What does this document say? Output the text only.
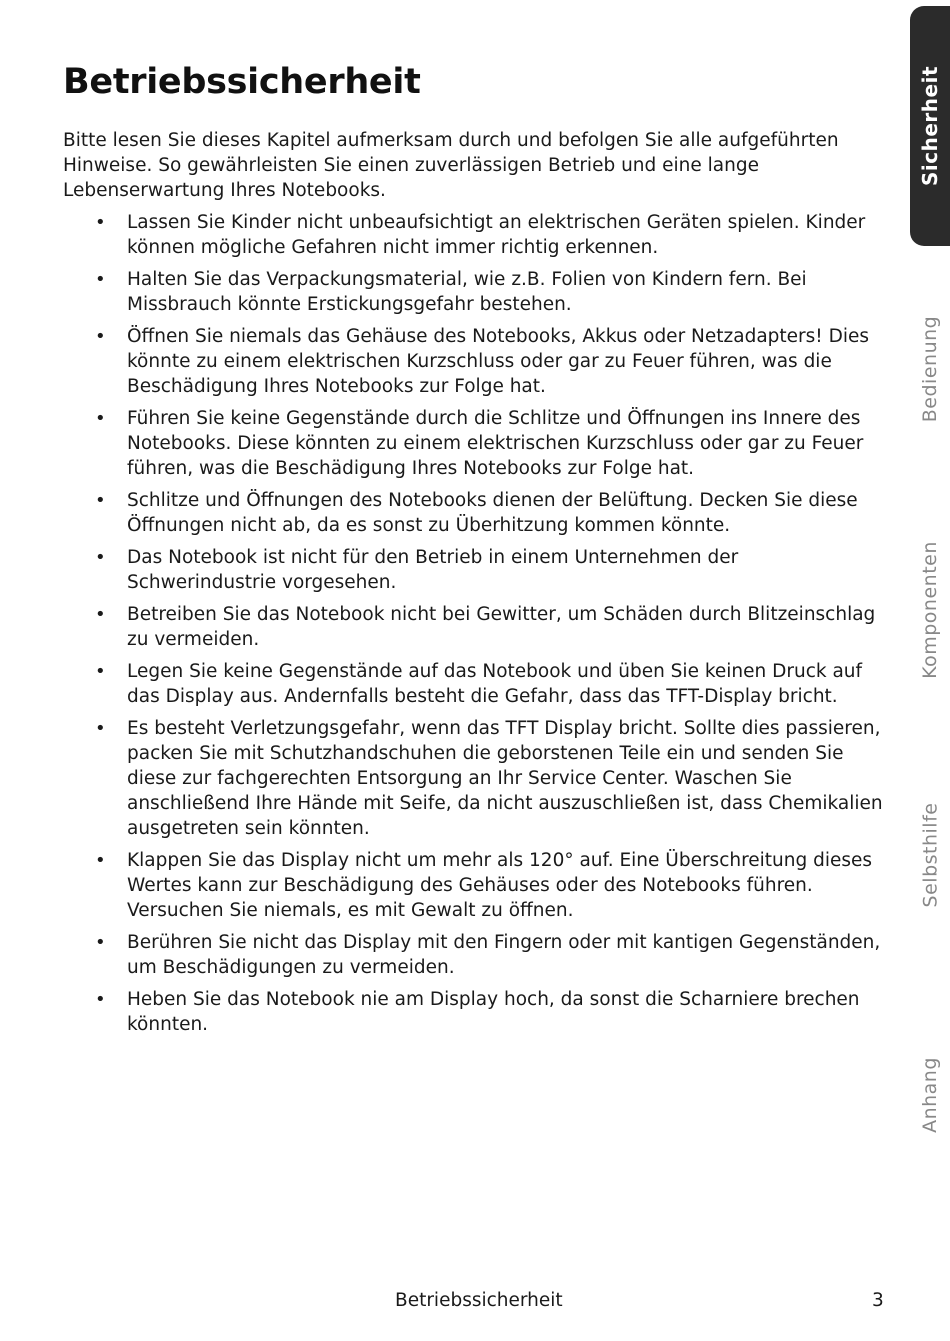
Betriebssicherheit

Bitte lesen Sie dieses Kapitel aufmerksam durch und befolgen Sie alle aufgeführten Hinweise. So gewährleisten Sie einen zuverlässigen Betrieb und eine lange Lebenserwartung Ihres Notebooks.

• Lassen Sie Kinder nicht unbeaufsichtigt an elektrischen Geräten spielen. Kinder können mögliche Gefahren nicht immer richtig erkennen.
• Halten Sie das Verpackungsmaterial, wie z.B. Folien von Kindern fern. Bei Missbrauch könnte Erstickungsgefahr bestehen.
• Öffnen Sie niemals das Gehäuse des Notebooks, Akkus oder Netzadapters! Dies könnte zu einem elektrischen Kurzschluss oder gar zu Feuer führen, was die Beschädigung Ihres Notebooks zur Folge hat.
• Führen Sie keine Gegenstände durch die Schlitze und Öffnungen ins Innere des Notebooks. Diese könnten zu einem elektrischen Kurzschluss oder gar zu Feuer führen, was die Beschädigung Ihres Notebooks zur Folge hat.
• Schlitze und Öffnungen des Notebooks dienen der Belüftung. Decken Sie diese Öffnungen nicht ab, da es sonst zu Überhitzung kommen könnte.
• Das Notebook ist nicht für den Betrieb in einem Unternehmen der Schwerindustrie vorgesehen.
• Betreiben Sie das Notebook nicht bei Gewitter, um Schäden durch Blitzeinschlag zu vermeiden.
• Legen Sie keine Gegenstände auf das Notebook und üben Sie keinen Druck auf das Display aus. Andernfalls besteht die Gefahr, dass das TFT-Display bricht.
• Es besteht Verletzungsgefahr, wenn das TFT Display bricht. Sollte dies passieren, packen Sie mit Schutzhandschuhen die geborstenen Teile ein und senden Sie diese zur fachgerechten Entsorgung an Ihr Service Center. Waschen Sie anschließend Ihre Hände mit Seife, da nicht auszuschließen ist, dass Chemikalien ausgetreten sein könnten.
• Klappen Sie das Display nicht um mehr als 120° auf. Eine Überschreitung dieses Wertes kann zur Beschädigung des Gehäuses oder des Notebooks führen. Versuchen Sie niemals, es mit Gewalt zu öffnen.
• Berühren Sie nicht das Display mit den Fingern oder mit kantigen Gegenständen, um Beschädigungen zu vermeiden.
• Heben Sie das Notebook nie am Display hoch, da sonst die Scharniere brechen könnten.
Sicherheit
Bedienung
Komponenten
Selbsthilfe
Anhang
Betriebssicherheit	3
